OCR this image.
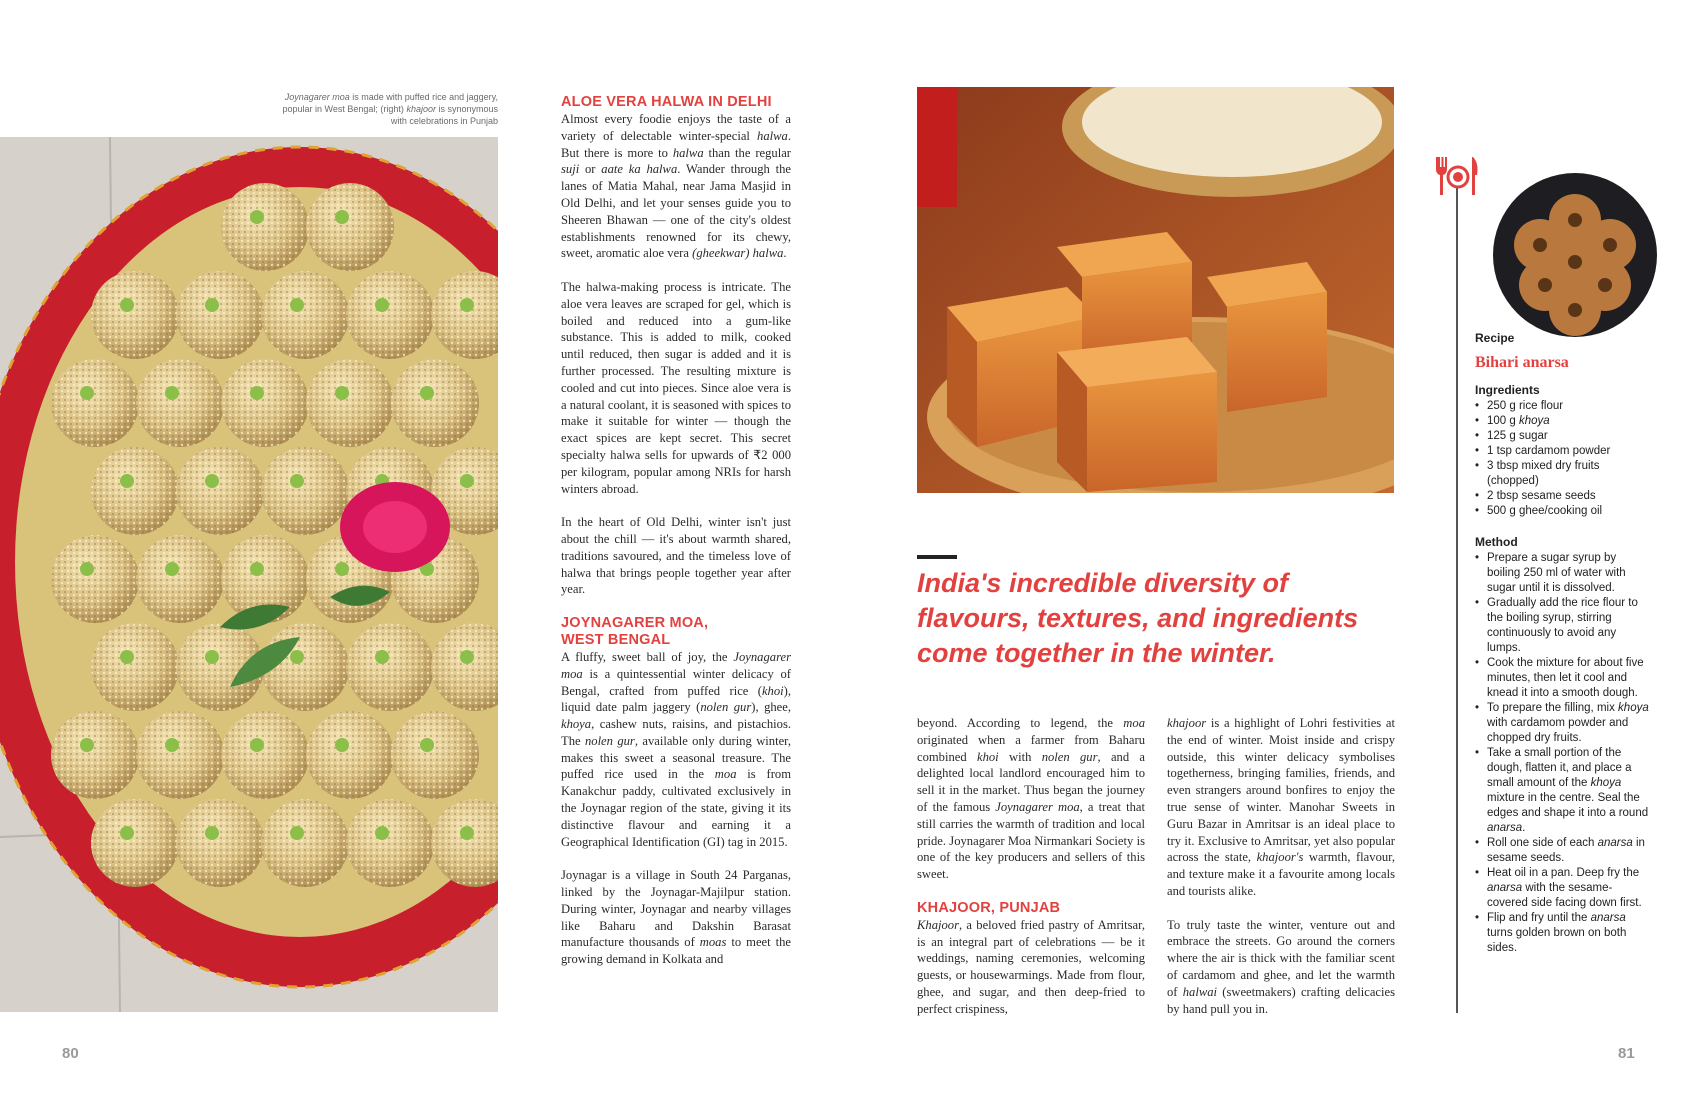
Joynagarer moa is made with puffed rice and jaggery, popular in West Bengal; (right) khajoor is synonymous with celebrations in Punjab
ALOE VERA HALWA IN DELHI

Almost every foodie enjoys the taste of a variety of delectable winter-special halwa. But there is more to halwa than the regular suji or aate ka halwa. Wander through the lanes of Matia Mahal, near Jama Masjid in Old Delhi, and let your senses guide you to Sheeren Bhawan — one of the city's oldest establishments renowned for its chewy, sweet, aromatic aloe vera (gheekwar) halwa.

The halwa-making process is intricate. The aloe vera leaves are scraped for gel, which is boiled and reduced into a gum-like substance. This is added to milk, cooked until reduced, then sugar is added and it is further processed. The resulting mixture is cooled and cut into pieces. Since aloe vera is a natural coolant, it is seasoned with spices to make it suitable for winter — though the exact spices are kept secret. This secret specialty halwa sells for upwards of ₹2 000 per kilogram, popular among NRIs for harsh winters abroad.

In the heart of Old Delhi, winter isn't just about the chill — it's about warmth shared, traditions savoured, and the timeless love of halwa that brings people together year after year.

JOYNAGARER MOA,
WEST BENGAL

A fluffy, sweet ball of joy, the Joynagarer moa is a quintessential winter delicacy of Bengal, crafted from puffed rice (khoi), liquid date palm jaggery (nolen gur), ghee, khoya, cashew nuts, raisins, and pistachios. The nolen gur, available only during winter, makes this sweet a seasonal treasure. The puffed rice used in the moa is from Kanakchur paddy, cultivated exclusively in the Joynagar region of the state, giving it its distinctive flavour and earning it a Geographical Identification (GI) tag in 2015.

Joynagar is a village in South 24 Parganas, linked by the Joynagar-Majilpur station. During winter, Joynagar and nearby villages like Baharu and Dakshin Barasat manufacture thousands of moas to meet the growing demand in Kolkata and

80
India's incredible diversity of flavours, textures, and ingredients come together in the winter.

beyond. According to legend, the moa originated when a farmer from Baharu combined khoi with nolen gur, and a delighted local landlord encouraged him to sell it in the market. Thus began the journey of the famous Joynagarer moa, a treat that still carries the warmth of tradition and local pride. Joynagarer Moa Nirmankari Society is one of the key producers and sellers of this sweet.

KHAJOOR, PUNJAB

Khajoor, a beloved fried pastry of Amritsar, is an integral part of celebrations — be it weddings, naming ceremonies, welcoming guests, or housewarmings. Made from flour, ghee, and sugar, and then deep-fried to perfect crispiness,

khajoor is a highlight of Lohri festivities at the end of winter. Moist inside and crispy outside, this winter delicacy symbolises togetherness, bringing families, friends, and even strangers around bonfires to enjoy the true sense of winter. Manohar Sweets in Guru Bazar in Amritsar is an ideal place to try it. Exclusive to Amritsar, yet also popular across the state, khajoor's warmth, flavour, and texture make it a favourite among locals and tourists alike.

To truly taste the winter, venture out and embrace the streets. Go around the corners where the air is thick with the familiar scent of cardamom and ghee, and let the warmth of halwai (sweetmakers) crafting delicacies by hand pull you in.

Recipe
Bihari anarsa
Ingredients
• 250 g rice flour
• 100 g khoya
• 125 g sugar
• 1 tsp cardamom powder
• 3 tbsp mixed dry fruits (chopped)
• 2 tbsp sesame seeds
• 500 g ghee/cooking oil
Method
• Prepare a sugar syrup by boiling 250 ml of water with sugar until it is dissolved.
• Gradually add the rice flour to the boiling syrup, stirring continuously to avoid any lumps.
• Cook the mixture for about five minutes, then let it cool and knead it into a smooth dough.
• To prepare the filling, mix khoya with cardamom powder and chopped dry fruits.
• Take a small portion of the dough, flatten it, and place a small amount of the khoya mixture in the centre. Seal the edges and shape it into a round anarsa.
• Roll one side of each anarsa in sesame seeds.
• Heat oil in a pan. Deep fry the anarsa with the sesame-covered side facing down first.
• Flip and fry until the anarsa turns golden brown on both sides.
81
